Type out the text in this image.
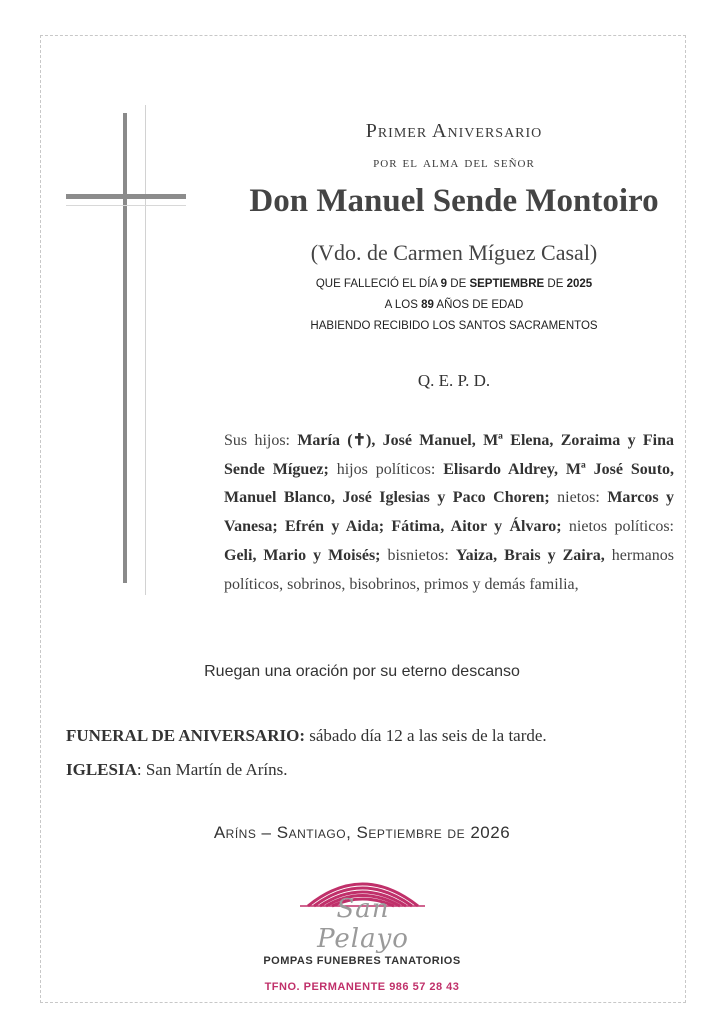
Primer Aniversario
por el alma del señor
Don Manuel Sende Montoiro
(Vdo. de Carmen Míguez Casal)
QUE FALLECIÓ EL DÍA 9 DE SEPTIEMBRE DE 2025
A LOS 89 AÑOS DE EDAD
HABIENDO RECIBIDO LOS SANTOS SACRAMENTOS
Q. E. P. D.
Sus hijos: María (✝), José Manuel, Mª Elena, Zoraima y Fina Sende Míguez; hijos políticos: Elisardo Aldrey, Mª José Souto, Manuel Blanco, José Iglesias y Paco Choren; nietos: Marcos y Vanesa; Efrén y Aida; Fátima, Aitor y Álvaro; nietos políticos: Geli, Mario y Moisés; bisnietos: Yaiza, Brais y Zaira, hermanos políticos, sobrinos, bisobrinos, primos y demás familia,
Ruegan una oración por su eterno descanso
FUNERAL DE ANIVERSARIO: sábado día 12 a las seis de la tarde.
IGLESIA: San Martín de Aríns.
Aríns – Santiago, Septiembre de 2026
San Pelayo
POMPAS FUNEBRES TANATORIOS
TFNO. PERMANENTE 986 57 28 43
